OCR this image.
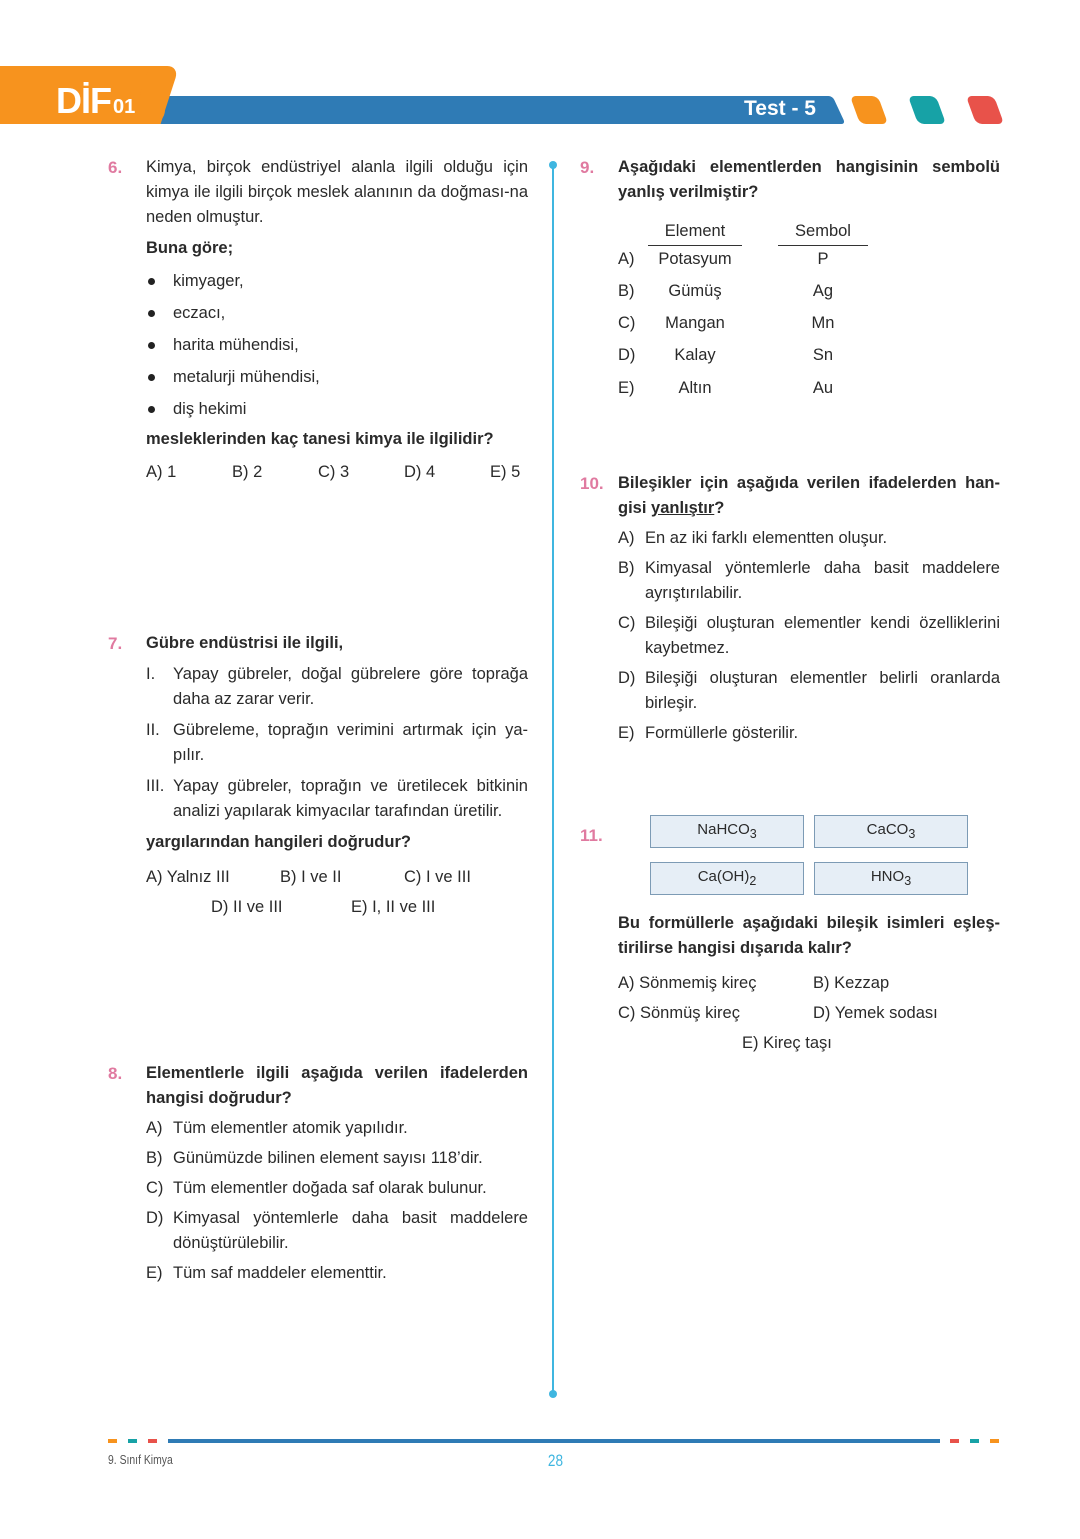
DİF 01	Test - 5
6. Kimya, birçok endüstriyel alanla ilgili olduğu için kimya ile ilgili birçok meslek alanının da doğması-na neden olmuştur.

Buna göre;

kimyager,
eczacı,
harita mühendisi,
metalurji mühendisi,
diş hekimi

mesleklerinden kaç tanesi kimya ile ilgilidir?

A) 1	B) 2	C) 3	D) 4	E) 5
7. Gübre endüstrisi ile ilgili,

I.	Yapay gübreler, doğal gübrelere göre toprağa daha az zarar verir.
II. Gübreleme, toprağın verimini artırmak için ya-pılır.
III. Yapay gübreler, toprağın ve üretilecek bitkinin analizi yapılarak kimyacılar tarafından üretilir.

yargılarından hangileri doğrudur?

A) Yalnız III	B) I ve II	C) I ve III
D) II ve III	E) I, II ve III
8. Elementlerle ilgili aşağıda verilen ifadelerden hangisi doğrudur?

A) Tüm elementler atomik yapılıdır.
B) Günümüzde bilinen element sayısı 118’dir.
C) Tüm elementler doğada saf olarak bulunur.
D) Kimyasal yöntemlerle daha basit maddelere dönüştürülebilir.
E) Tüm saf maddeler elementtir.
9. Aşağıdaki elementlerden hangisinin sembolü yanlış verilmiştir?

Element	Sembol
A)	Potasyum	P
B)	Gümüş	Ag
C)	Mangan	Mn
D)	Kalay	Sn
E)	Altın	Au
10. Bileşikler için aşağıda verilen ifadelerden han-gisi yanlıştır?

A) En az iki farklı elementten oluşur.
B) Kimyasal yöntemlerle daha basit maddelere ayrıştırılabilir.
C) Bileşiği oluşturan elementler kendi özelliklerini kaybetmez.
D) Bileşiği oluşturan elementler belirli oranlarda birleşir.
E) Formüllerle gösterilir.
11.	NaHCO$_3$	CaCO$_3$
$Ca(OH)_2$	$HNO_3$

Bu formüllerle aşağıdaki bileşik isimleri eşleş-tirilirse hangisi dışarıda kalır?

A) Sönmemiş kireç	B) Kezzap
C) Sönmüş kireç	D) Yemek sodası
E) Kireç taşı
9. Sınıf Kimya	28
